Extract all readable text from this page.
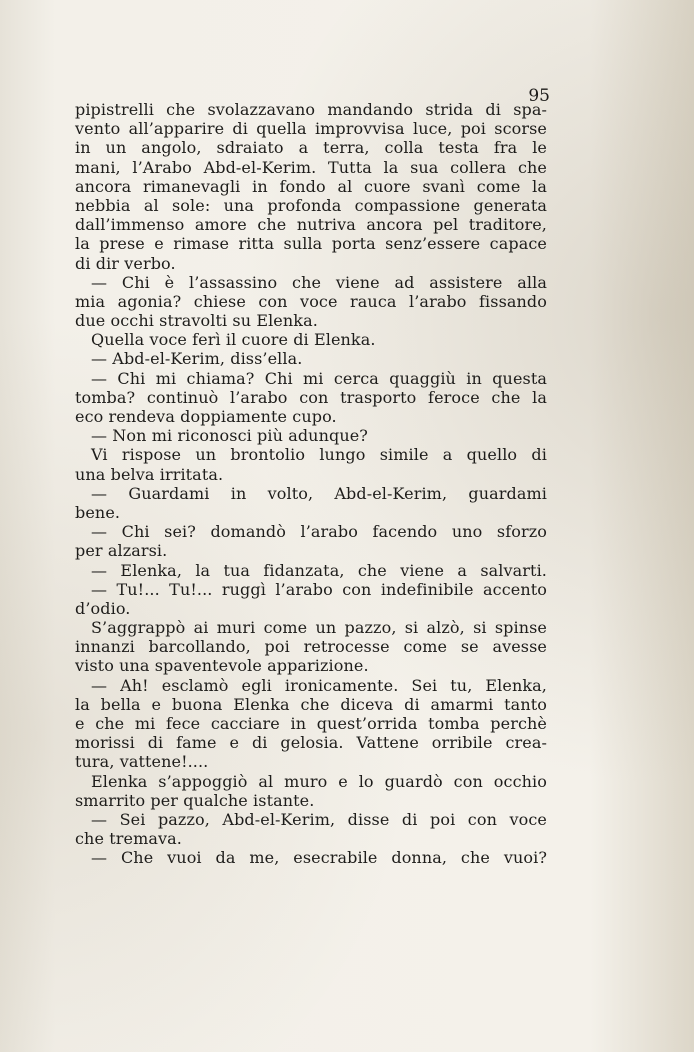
95
pipistrelli che svolazzavano mandando strida di spa-
vento all’apparire di quella improvvisa luce, poi scorse
in un angolo, sdraiato a terra, colla testa fra le
mani, l’Arabo Abd-el-Kerim. Tutta la sua collera che
ancora rimanevagli in fondo al cuore svanì come la
nebbia al sole: una profonda compassione generata
dall’immenso amore che nutriva ancora pel traditore,
la prese e rimase ritta sulla porta senz’essere capace
di dir verbo.
— Chi è l’assassino che viene ad assistere alla
mia agonia? chiese con voce rauca l’arabo fissando
due occhi stravolti su Elenka.
Quella voce ferì il cuore di Elenka.
— Abd-el-Kerim, diss’ella.
— Chi mi chiama? Chi mi cerca quaggiù in questa
tomba? continuò l’arabo con trasporto feroce che la
eco rendeva doppiamente cupo.
— Non mi riconosci più adunque?
Vi rispose un brontolio lungo simile a quello di
una belva irritata.
— Guardami in volto, Abd-el-Kerim, guardami
bene.
— Chi sei? domandò l’arabo facendo uno sforzo
per alzarsi.
— Elenka, la tua fidanzata, che viene a salvarti.
— Tu!... Tu!... ruggì l’arabo con indefinibile accento
d’odio.
S’aggrappò ai muri come un pazzo, si alzò, si spinse
innanzi barcollando, poi retrocesse come se avesse
visto una spaventevole apparizione.
— Ah! esclamò egli ironicamente. Sei tu, Elenka,
la bella e buona Elenka che diceva di amarmi tanto
e che mi fece cacciare in quest’orrida tomba perchè
morissi di fame e di gelosia. Vattene orribile crea-
tura, vattene!....
Elenka s’appoggiò al muro e lo guardò con occhio
smarrito per qualche istante.
— Sei pazzo, Abd-el-Kerim, disse di poi con voce
che tremava.
— Che vuoi da me, esecrabile donna, che vuoi?
